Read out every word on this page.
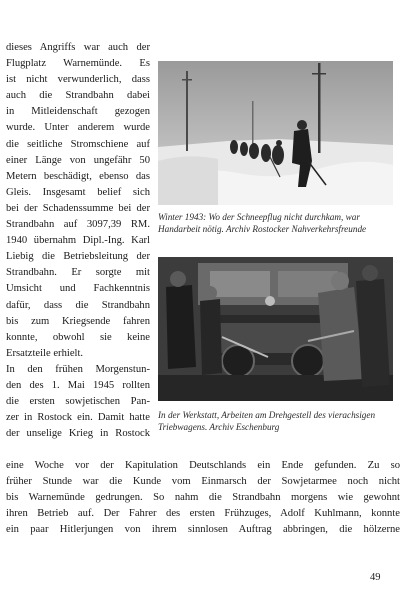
dieses Angriffs war auch der
Flugplatz Warnemünde. Es
ist nicht verwunderlich, dass
auch die Strandbahn dabei
in Mitleidenschaft gezogen
wurde. Unter anderem wurde
die seitliche Stromschiene auf
einer Länge von ungefähr 50
Metern beschädigt, ebenso das
Gleis. Insgesamt belief sich
bei der Schadenssumme bei der
Strandbahn auf 3097,39 RM.
1940 übernahm Dipl.-Ing. Karl
Liebig die Betriebsleitung der
Strandbahn. Er sorgte mit
Umsicht und Fachkenntnis
dafür, dass die Strandbahn
bis zum Kriegsende fahren
konnte, obwohl sie keine
Ersatzteile erhielt.
In den frühen Morgenstun-
den des 1. Mai 1945 rollten
die ersten sowjetischen Pan-
zer in Rostock ein. Damit hatte
der unselige Krieg in Rostock
Winter 1943: Wo der Schneepflug nicht durchkam, war Handarbeit nötig. Archiv Rostocker Nahverkehrsfreunde
In der Werkstatt, Arbeiten am Drehgestell des vierachsigen Triebwagens. Archiv Eschenburg
eine Woche vor der Kapitulation Deutschlands ein Ende gefunden. Zu so
früher Stunde war die Kunde vom Einmarsch der Sowjetarmee noch nicht
bis Warnemünde gedrungen. So nahm die Strandbahn morgens wie gewohnt
ihren Betrieb auf. Der Fahrer des ersten Frühzuges, Adolf Kuhlmann, konnte
ein paar Hitlerjungen von ihrem sinnlosen Auftrag abbringen, die hölzerne
49
